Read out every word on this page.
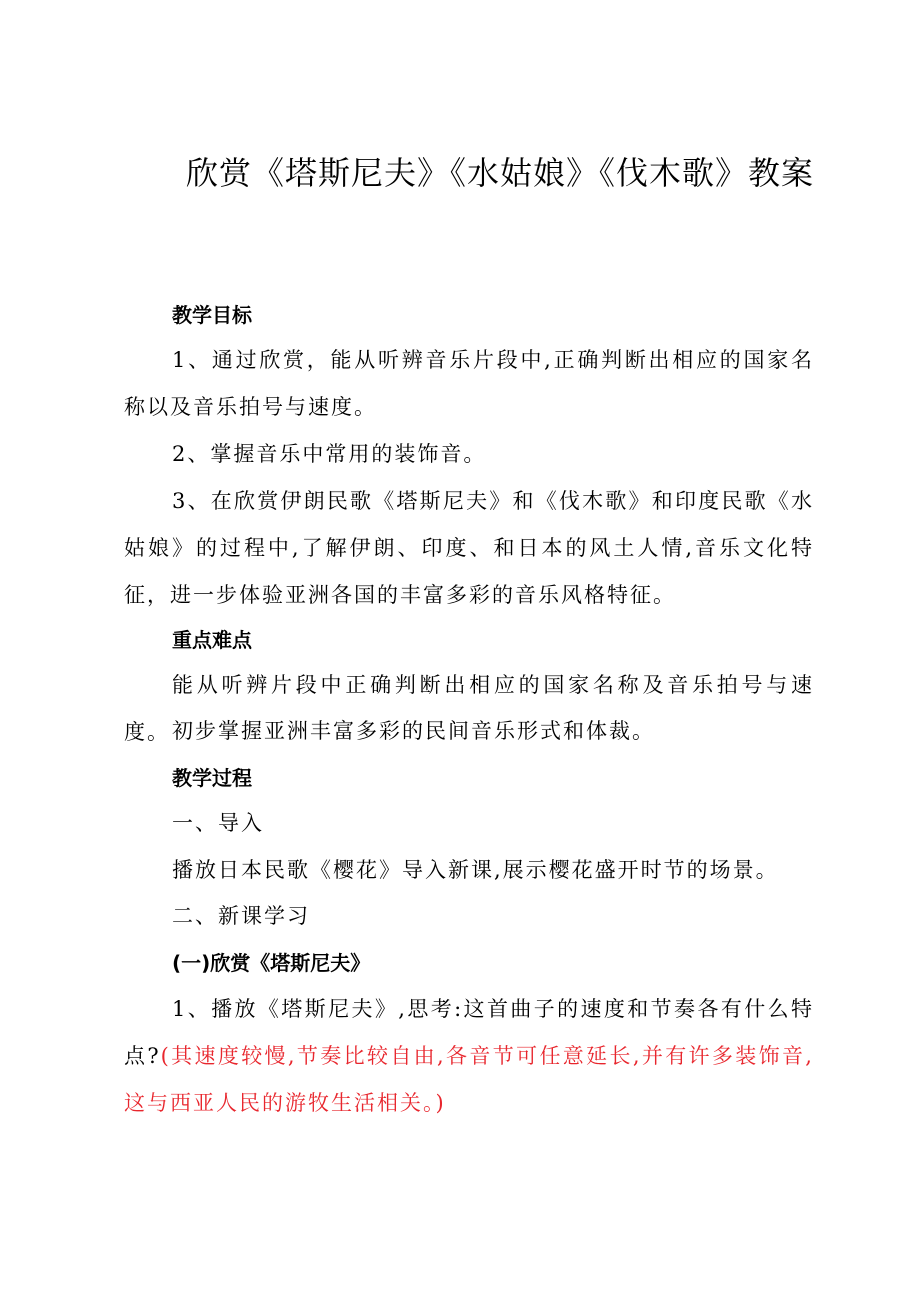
欣赏《塔斯尼夫》《水姑娘》《伐木歌》教案

教学目标

1、通过欣赏，能从听辨音乐片段中,正确判断出相应的国家名称以及音乐拍号与速度。

2、掌握音乐中常用的装饰音。

3、在欣赏伊朗民歌《塔斯尼夫》和《伐木歌》和印度民歌《水姑娘》的过程中,了解伊朗、印度、和日本的风土人情,音乐文化特征，进一步体验亚洲各国的丰富多彩的音乐风格特征。

重点难点

能从听辨片段中正确判断出相应的国家名称及音乐拍号与速度。 初步掌握亚洲丰富多彩的民间音乐形式和体裁。

教学过程

一、导入

播放日本民歌《樱花》导入新课,展示樱花盛开时节的场景。

二、新课学习

(一)欣赏《塔斯尼夫》

1、播放《塔斯尼夫》,思考:这首曲子的速度和节奏各有什么特点?(其速度较慢,节奏比较自由,各音节可任意延长,并有许多装饰音,这与西亚人民的游牧生活相关。)
